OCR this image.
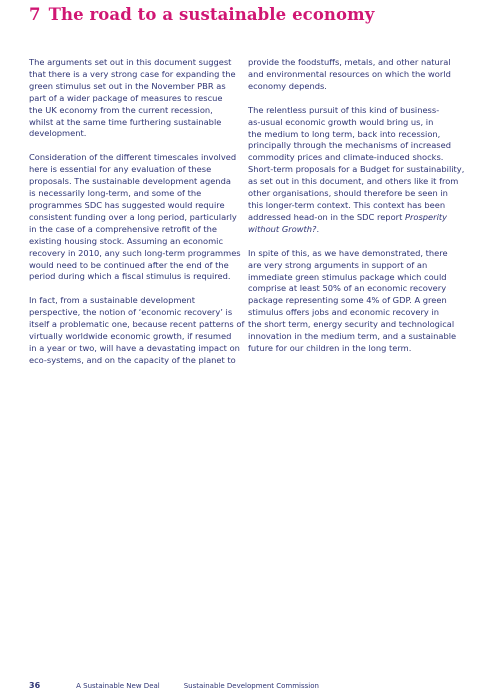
7 The road to a sustainable economy

The arguments set out in this document suggest
that there is a very strong case for expanding the
green stimulus set out in the November PBR as
part of a wider package of measures to rescue
the UK economy from the current recession,
whilst at the same time furthering sustainable
development.

Consideration of the different timescales involved
here is essential for any evaluation of these
proposals. The sustainable development agenda
is necessarily long-term, and some of the
programmes SDC has suggested would require
consistent funding over a long period, particularly
in the case of a comprehensive retrofit of the
existing housing stock. Assuming an economic
recovery in 2010, any such long-term programmes
would need to be continued after the end of the
period during which a fiscal stimulus is required.

In fact, from a sustainable development
perspective, the notion of ‘economic recovery’ is
itself a problematic one, because recent patterns of
virtually worldwide economic growth, if resumed
in a year or two, will have a devastating impact on
eco-systems, and on the capacity of the planet to

provide the foodstuffs, metals, and other natural
and environmental resources on which the world
economy depends.

The relentless pursuit of this kind of business-
as-usual economic growth would bring us, in
the medium to long term, back into recession,
principally through the mechanisms of increased
commodity prices and climate-induced shocks.
Short-term proposals for a Budget for sustainability,
as set out in this document, and others like it from
other organisations, should therefore be seen in
this longer-term context. This context has been
addressed head-on in the SDC report Prosperity
without Growth?.

In spite of this, as we have demonstrated, there
are very strong arguments in support of an
immediate green stimulus package which could
comprise at least 50% of an economic recovery
package representing some 4% of GDP. A green
stimulus offers jobs and economic recovery in
the short term, energy security and technological
innovation in the medium term, and a sustainable
future for our children in the long term.

36	A Sustainable New Deal	Sustainable Development Commission
